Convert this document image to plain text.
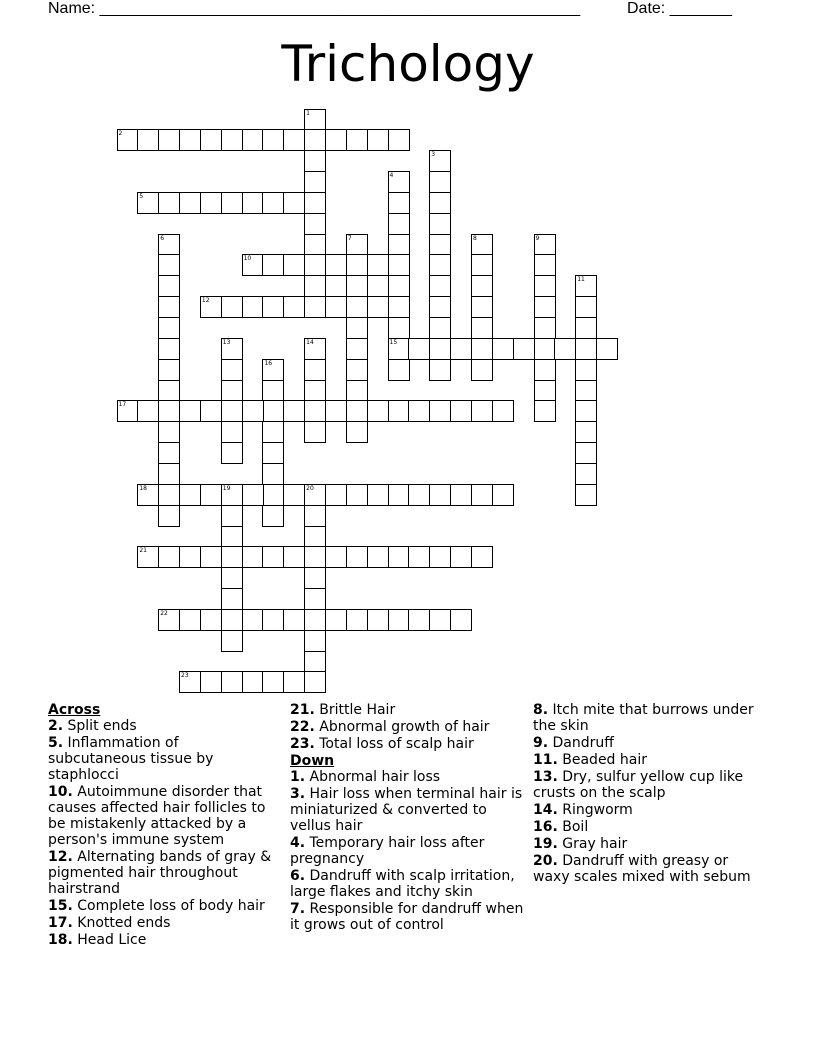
Name: ______________________________________________________	Date: _______
Trichology
1
2
3
4
15
5
6	7	8	9
10
11
12
13	14
16
17
18	19	20
21
22
23
Across
2. Split ends
5. Inflammation of subcutaneous tissue by staphlocci
10. Autoimmune disorder that causes affected hair follicles to be mistakenly attacked by a person's immune system
12. Alternating bands of gray & pigmented hair throughout hairstrand
15. Complete loss of body hair
17. Knotted ends
18. Head Lice
21. Brittle Hair
22. Abnormal growth of hair
23. Total loss of scalp hair
Down
1. Abnormal hair loss
3. Hair loss when terminal hair is miniaturized & converted to vellus hair
4. Temporary hair loss after pregnancy
6. Dandruff with scalp irritation, large flakes and itchy skin
7. Responsible for dandruff when it grows out of control
8. Itch mite that burrows under the skin
9. Dandruff
11. Beaded hair
13. Dry, sulfur yellow cup like crusts on the scalp
14. Ringworm
16. Boil
19. Gray hair
20. Dandruff with greasy or waxy scales mixed with sebum
